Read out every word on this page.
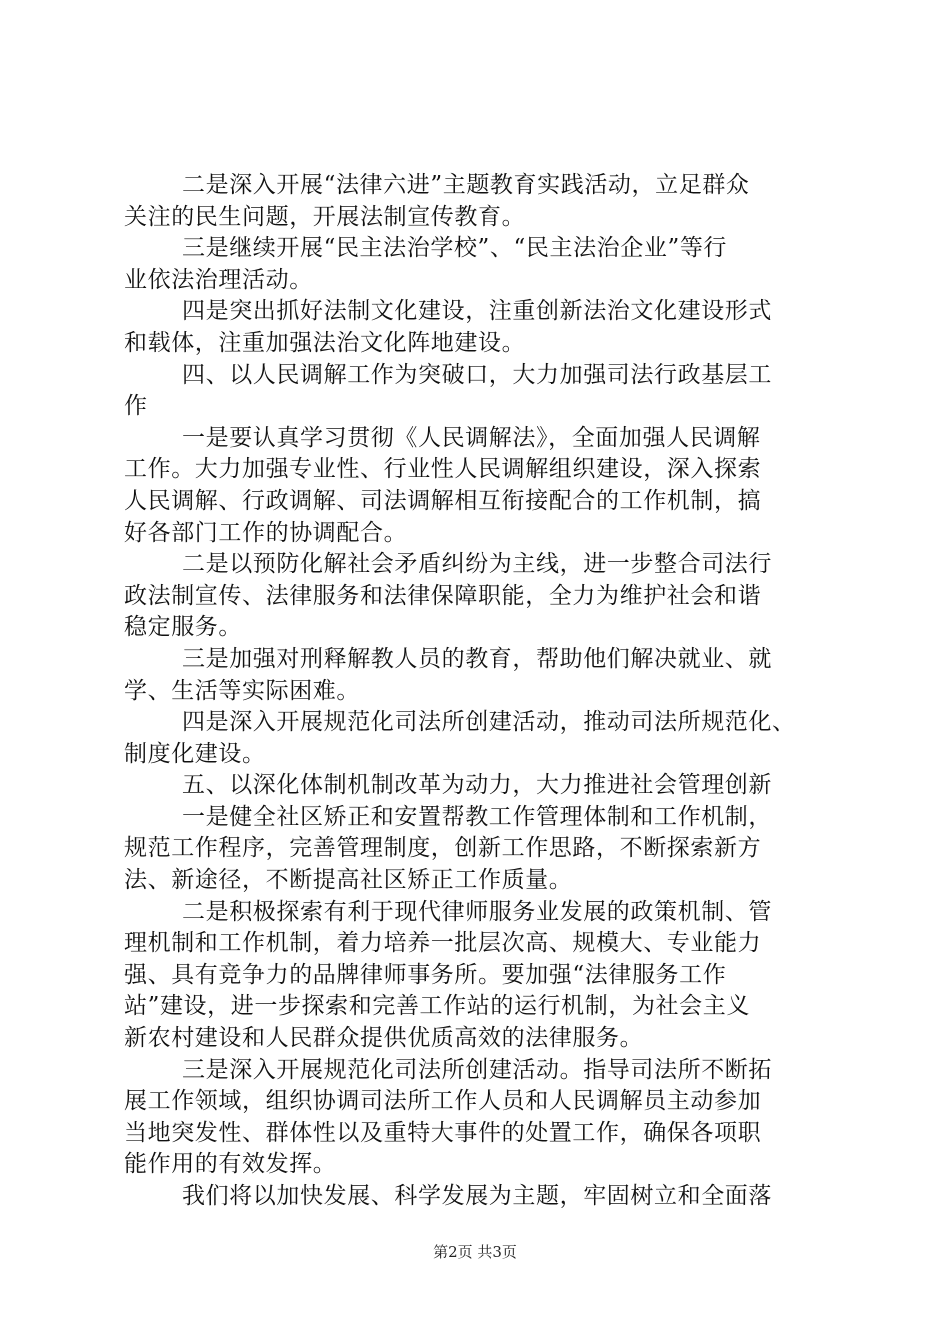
二是深入开展“法律六进”主题教育实践活动，立足群众
关注的民生问题，开展法制宣传教育。
三是继续开展“民主法治学校”、“民主法治企业”等行
业依法治理活动。
四是突出抓好法制文化建设，注重创新法治文化建设形式
和载体，注重加强法治文化阵地建设。
四、以人民调解工作为突破口，大力加强司法行政基层工
作
一是要认真学习贯彻《人民调解法》，全面加强人民调解
工作。大力加强专业性、行业性人民调解组织建设，深入探索
人民调解、行政调解、司法调解相互衔接配合的工作机制，搞
好各部门工作的协调配合。
二是以预防化解社会矛盾纠纷为主线，进一步整合司法行
政法制宣传、法律服务和法律保障职能，全力为维护社会和谐
稳定服务。
三是加强对刑释解教人员的教育，帮助他们解决就业、就
学、生活等实际困难。
四是深入开展规范化司法所创建活动，推动司法所规范化、
制度化建设。
五、以深化体制机制改革为动力，大力推进社会管理创新
一是健全社区矫正和安置帮教工作管理体制和工作机制，
规范工作程序，完善管理制度，创新工作思路，不断探索新方
法、新途径，不断提高社区矫正工作质量。
二是积极探索有利于现代律师服务业发展的政策机制、管
理机制和工作机制，着力培养一批层次高、规模大、专业能力
强、具有竞争力的品牌律师事务所。要加强“法律服务工作
站”建设，进一步探索和完善工作站的运行机制，为社会主义
新农村建设和人民群众提供优质高效的法律服务。
三是深入开展规范化司法所创建活动。指导司法所不断拓
展工作领域，组织协调司法所工作人员和人民调解员主动参加
当地突发性、群体性以及重特大事件的处置工作，确保各项职
能作用的有效发挥。
我们将以加快发展、科学发展为主题，牢固树立和全面落
第2页 共3页
